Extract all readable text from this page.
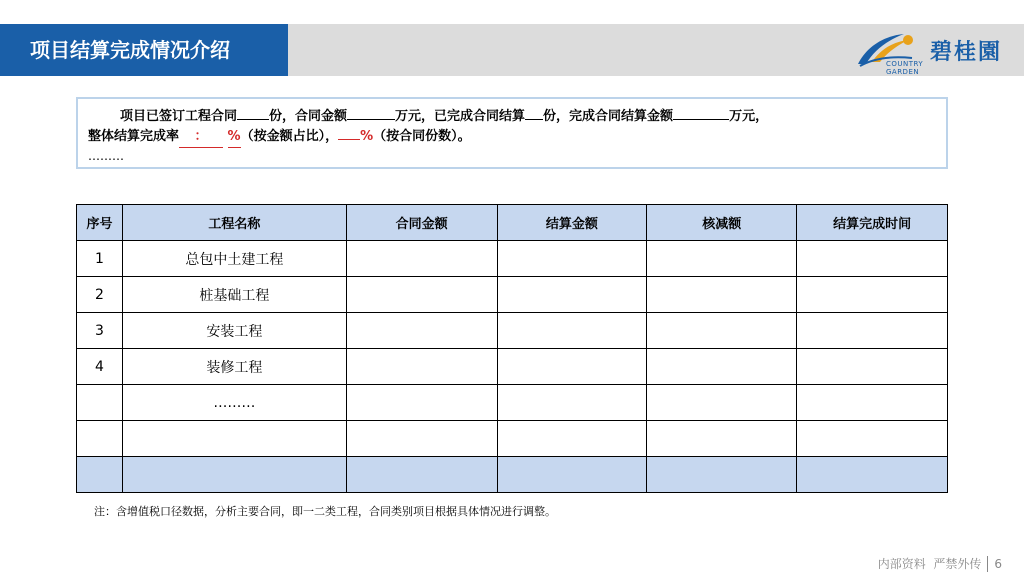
项目结算完成情况介绍
COUNTRY GARDEN
碧桂園
项目已签订工程合同 份，合同金额	万元，已完成合同结算 份，完成合同结算金额	万元，
整体结算完成率 ： %（按金额占比）， %（按合同份数）。
………
序号	工程名称	合同金额	结算金额	核减额	结算完成时间
1	总包中土建工程				
2	桩基础工程				
3	安装工程				
4	装修工程				
	………				

注：含增值税口径数据，分析主要合同，即一二类工程，合同类别项目根据具体情况进行调整。
内部资料  严禁外传 6
